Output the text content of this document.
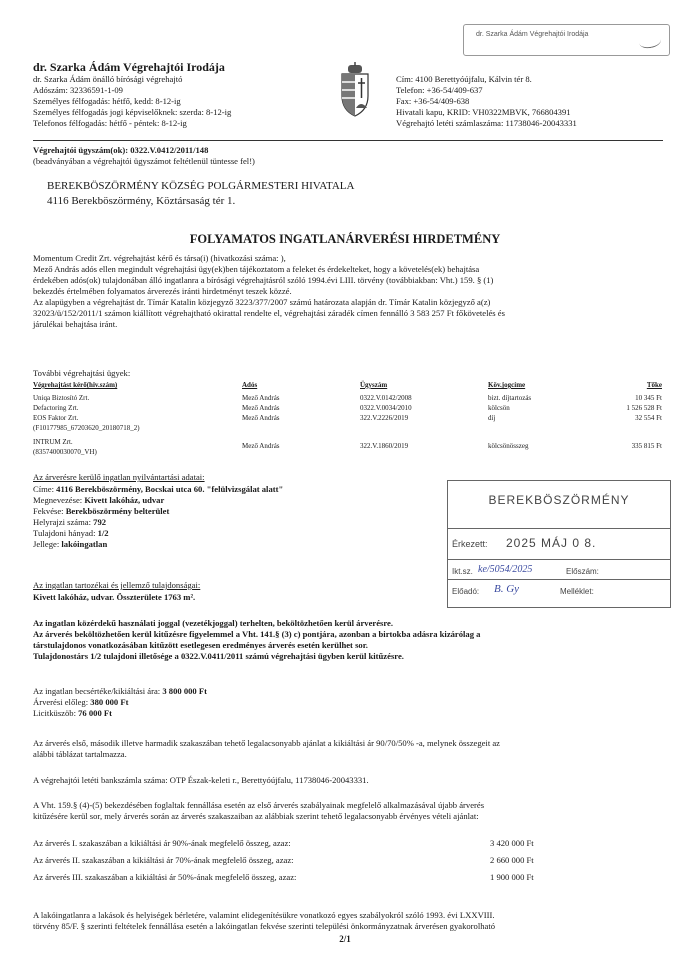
dr. Szarka Ádám Végrehajtói Irodája
dr. Szarka Ádám Végrehajtói Irodája
dr. Szarka Ádám önálló bírósági végrehajtó
Adószám: 32336591-1-09
Személyes félfogadás: hétfő, kedd: 8-12-ig
Személyes félfogadás jogi képviselőknek: szerda: 8-12-ig
Telefonos félfogadás: hétfő - péntek: 8-12-ig
Cím: 4100 Berettyóújfalu, Kálvin tér 8.
Telefon: +36-54/409-637
Fax: +36-54/409-638
Hivatali kapu, KRID: VH0322MBVK, 766804391
Végrehajtó letéti számlaszáma: 11738046-20043331
Végrehajtói ügyszám(ok): 0322.V.0412/2011/148
(beadványában a végrehajtói ügyszámot feltétlenül tüntesse fel!)
BEREKBÖSZÖRMÉNY KÖZSÉG POLGÁRMESTERI HIVATALA
4116 Berekböszörmény, Köztársaság tér 1.
FOLYAMATOS INGATLANÁRVERÉSI HIRDETMÉNY
Momentum Credit Zrt. végrehajtást kérő és társa(i) (hivatkozási száma: ),
Mező András adós ellen megindult végrehajtási ügy(ek)ben tájékoztatom a feleket és érdekelteket, hogy a követelés(ek) behajtása
érdekében adós(ok) tulajdonában álló ingatlanra a bírósági végrehajtásról szóló 1994.évi LIII. törvény (továbbiakban: Vht.) 159. § (1)
bekezdés értelmében folyamatos árverezés iránti hirdetményt teszek közzé.
Az alapügyben a végrehajtást dr. Tímár Katalin közjegyző 3223/377/2007 számú határozata alapján dr. Tímár Katalin közjegyző a(z)
32023/ü/152/2011/1 számon kiállított végrehajtható okirattal rendelte el, végrehajtási záradék címen fennálló 3 583 257 Ft főkövetelés és
járulékai behajtása iránt.
További végrehajtási ügyek:
Végrehajtást kérő(hiv.szám)	Adós	Ügyszám	Köv.jogcíme	Tőke
Uniqa Biztosító Zrt.	Mező András	0322.V.0142/2008	bizt. díjtartozás	10 345 Ft
Defactoring Zrt.	Mező András	0322.V.0034/2010	kölcsön	1 526 528 Ft
EOS Faktor Zrt.	Mező András	322.V.2226/2019	díj	32 554 Ft
(F10177985_67203620_20180718_2)
INTRUM Zrt.	Mező András	322.V.1860/2019	kölcsönösszeg	335 815 Ft
(8357400030070_VH)
Az árverésre kerülő ingatlan nyilvántartási adatai:
Címe: 4116 Berekböszörmény, Bocskai utca 60. "felülvizsgálat alatt"
Megnevezése: Kivett lakóház, udvar
Fekvése: Berekböszörmény belterület
Helyrajzi száma: 792
Tulajdoni hányad: 1/2
Jellege: lakóingatlan
Az ingatlan tartozékai és jellemző tulajdonságai:
Kivett lakóház, udvar. Összterülete 1763 m².
BEREKBÖSZÖRMÉNY
Érkezett: 2025 MÁJ 0 8.
Ikt.sz. ke/5054/2025	Előszám:
Előadó: B. Gy	Melléklet:
Az ingatlan közérdekű használati joggal (vezetékjoggal) terhelten, beköltözhetően kerül árverésre.
Az árverés beköltözhetően kerül kitűzésre figyelemmel a Vht. 141.§ (3) c) pontjára, azonban a birtokba adásra kizárólag a
társtulajdonos vonatkozásában kitűzött esetlegesen eredményes árverés esetén kerülhet sor.
Tulajdonostárs 1/2 tulajdoni illetősége a 0322.V.0411/2011 számú végrehajtási ügyben kerül kitűzésre.
Az ingatlan becsértéke/kikiáltási ára: 3 800 000 Ft
Árverési előleg: 380 000 Ft
Licitküszöb: 76 000 Ft
Az árverés első, második illetve harmadik szakaszában tehető legalacsonyabb ajánlat a kikiáltási ár 90/70/50% -a, melynek összegeit az
alábbi táblázat tartalmazza.
A végrehajtói letéti bankszámla száma: OTP Észak-keleti r., Berettyóújfalu, 11738046-20043331.
A Vht. 159.§ (4)-(5) bekezdésében foglaltak fennállása esetén az első árverés szabályainak megfelelő alkalmazásával újabb árverés
kitűzésére kerül sor, mely árverés során az árverés szakaszaiban az alábbiak szerint tehető legalacsonyabb érvényes vételi ajánlat:
Az árverés I. szakaszában a kikiáltási ár 90%-ának megfelelő összeg, azaz:	3 420 000 Ft
Az árverés II. szakaszában a kikiáltási ár 70%-ának megfelelő összeg, azaz:	2 660 000 Ft
Az árverés III. szakaszában a kikiáltási ár 50%-ának megfelelő összeg, azaz:	1 900 000 Ft
A lakóingatlanra a lakások és helyiségek bérletére, valamint elidegenítésükre vonatkozó egyes szabályokról szóló 1993. évi LXXVIII.
törvény 85/F. § szerinti feltételek fennállása esetén a lakóingatlan fekvése szerinti települési önkormányzatnak árverésen gyakorolható
2/1
